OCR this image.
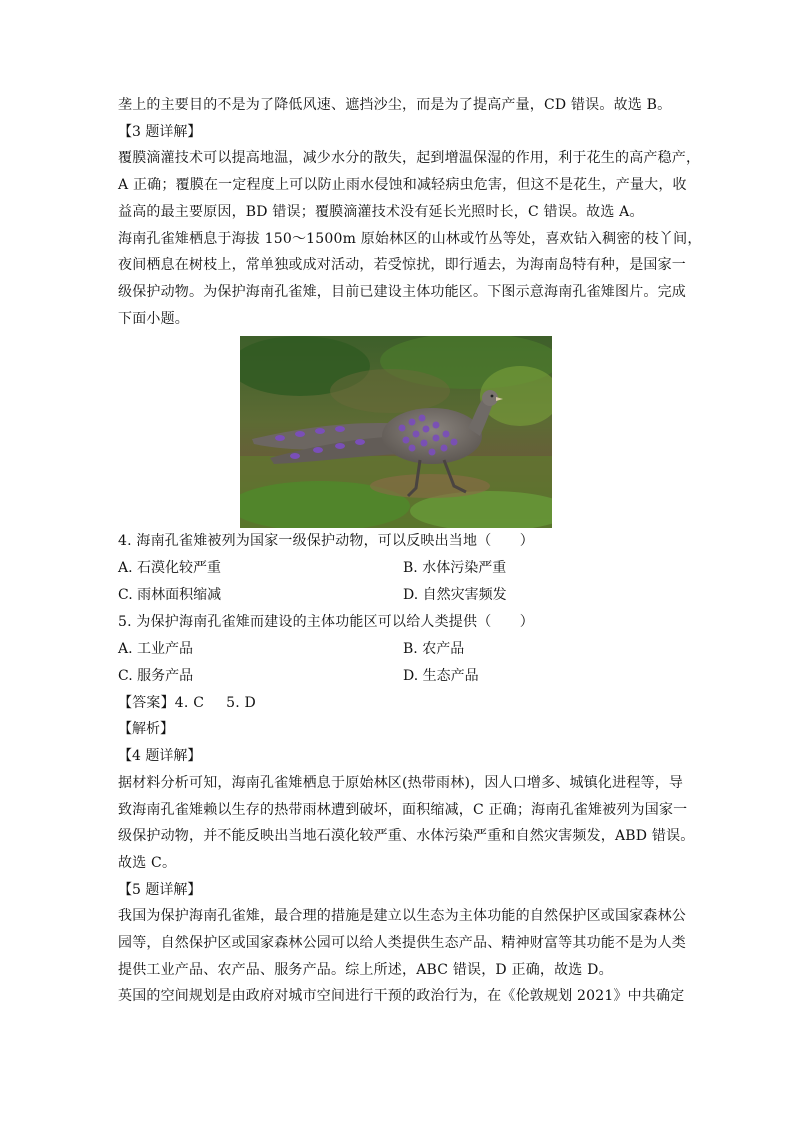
垄上的主要目的不是为了降低风速、遮挡沙尘，而是为了提高产量，CD 错误。故选 B。
【3 题详解】
覆膜滴灌技术可以提高地温，减少水分的散失，起到增温保湿的作用，利于花生的高产稳产，
A 正确；覆膜在一定程度上可以防止雨水侵蚀和减轻病虫危害，但这不是花生，产量大，收
益高的最主要原因，BD 错误；覆膜滴灌技术没有延长光照时长，C 错误。故选 A。
海南孔雀雉栖息于海拔 150～1500m 原始林区的山林或竹丛等处，喜欢钻入稠密的枝丫间，
夜间栖息在树枝上，常单独或成对活动，若受惊扰，即行遁去，为海南岛特有种，是国家一
级保护动物。为保护海南孔雀雉，目前已建设主体功能区。下图示意海南孔雀雉图片。完成
下面小题。
4. 海南孔雀雉被列为国家一级保护动物，可以反映出当地（　　）
A. 石漠化较严重	B. 水体污染严重
C. 雨林面积缩减	D. 自然灾害频发
5. 为保护海南孔雀雉而建设的主体功能区可以给人类提供（　　）
A. 工业产品	B. 农产品
C. 服务产品	D. 生态产品
【答案】4. C 5. D
【解析】
【4 题详解】
据材料分析可知，海南孔雀雉栖息于原始林区(热带雨林)，因人口增多、城镇化进程等，导
致海南孔雀雉赖以生存的热带雨林遭到破坏，面积缩减，C 正确；海南孔雀雉被列为国家一
级保护动物，并不能反映出当地石漠化较严重、水体污染严重和自然灾害频发，ABD 错误。
故选 C。
【5 题详解】
我国为保护海南孔雀雉，最合理的措施是建立以生态为主体功能的自然保护区或国家森林公
园等，自然保护区或国家森林公园可以给人类提供生态产品、精神财富等其功能不是为人类
提供工业产品、农产品、服务产品。综上所述，ABC 错误，D 正确，故选 D。
英国的空间规划是由政府对城市空间进行干预的政治行为，在《伦敦规划 2021》中共确定
